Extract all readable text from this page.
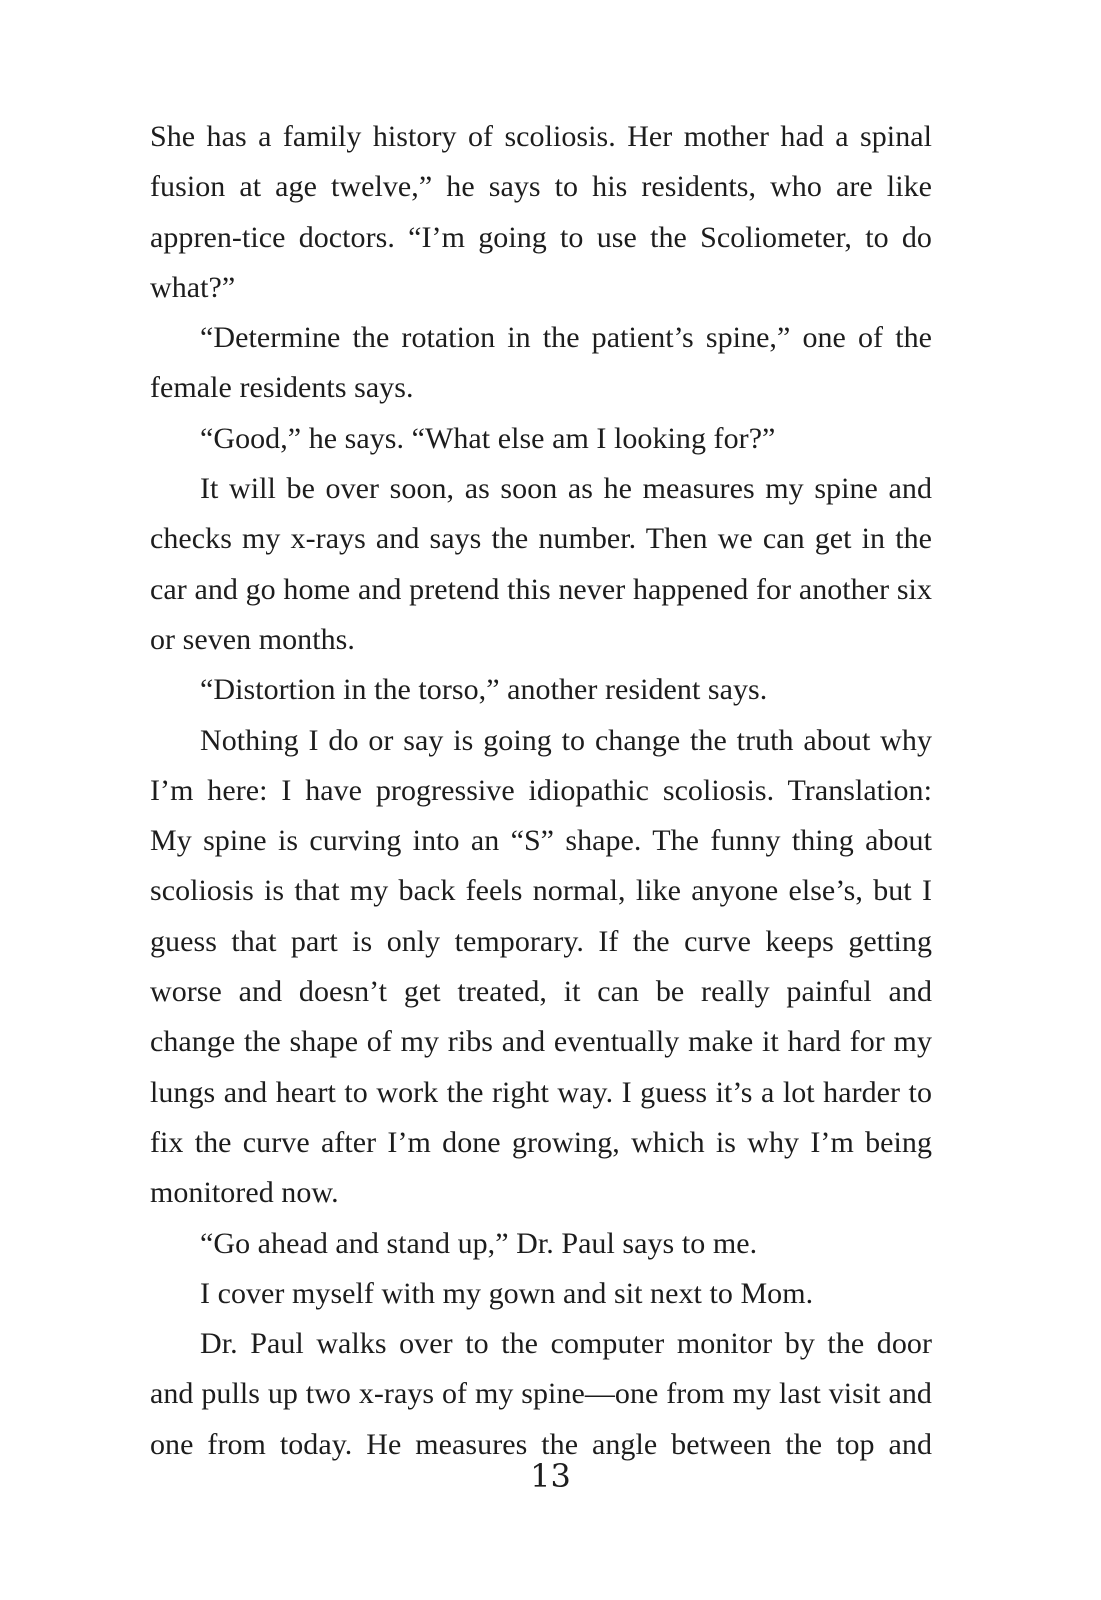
She has a family history of scoliosis. Her mother had a spinal fusion at age twelve,” he says to his residents, who are like appren-tice doctors. “I’m going to use the Scoliometer, to do what?”

“Determine the rotation in the patient’s spine,” one of the female residents says.

“Good,” he says. “What else am I looking for?”

It will be over soon, as soon as he measures my spine and checks my x-rays and says the number. Then we can get in the car and go home and pretend this never happened for another six or seven months.

“Distortion in the torso,” another resident says.

Nothing I do or say is going to change the truth about why I’m here: I have progressive idiopathic scoliosis. Translation: My spine is curving into an “S” shape. The funny thing about scoliosis is that my back feels normal, like anyone else’s, but I guess that part is only temporary. If the curve keeps getting worse and doesn’t get treated, it can be really painful and change the shape of my ribs and eventually make it hard for my lungs and heart to work the right way. I guess it’s a lot harder to fix the curve after I’m done growing, which is why I’m being monitored now.

“Go ahead and stand up,” Dr. Paul says to me.

I cover myself with my gown and sit next to Mom.

Dr. Paul walks over to the computer monitor by the door and pulls up two x-rays of my spine—one from my last visit and one from today. He measures the angle between the top and

13
